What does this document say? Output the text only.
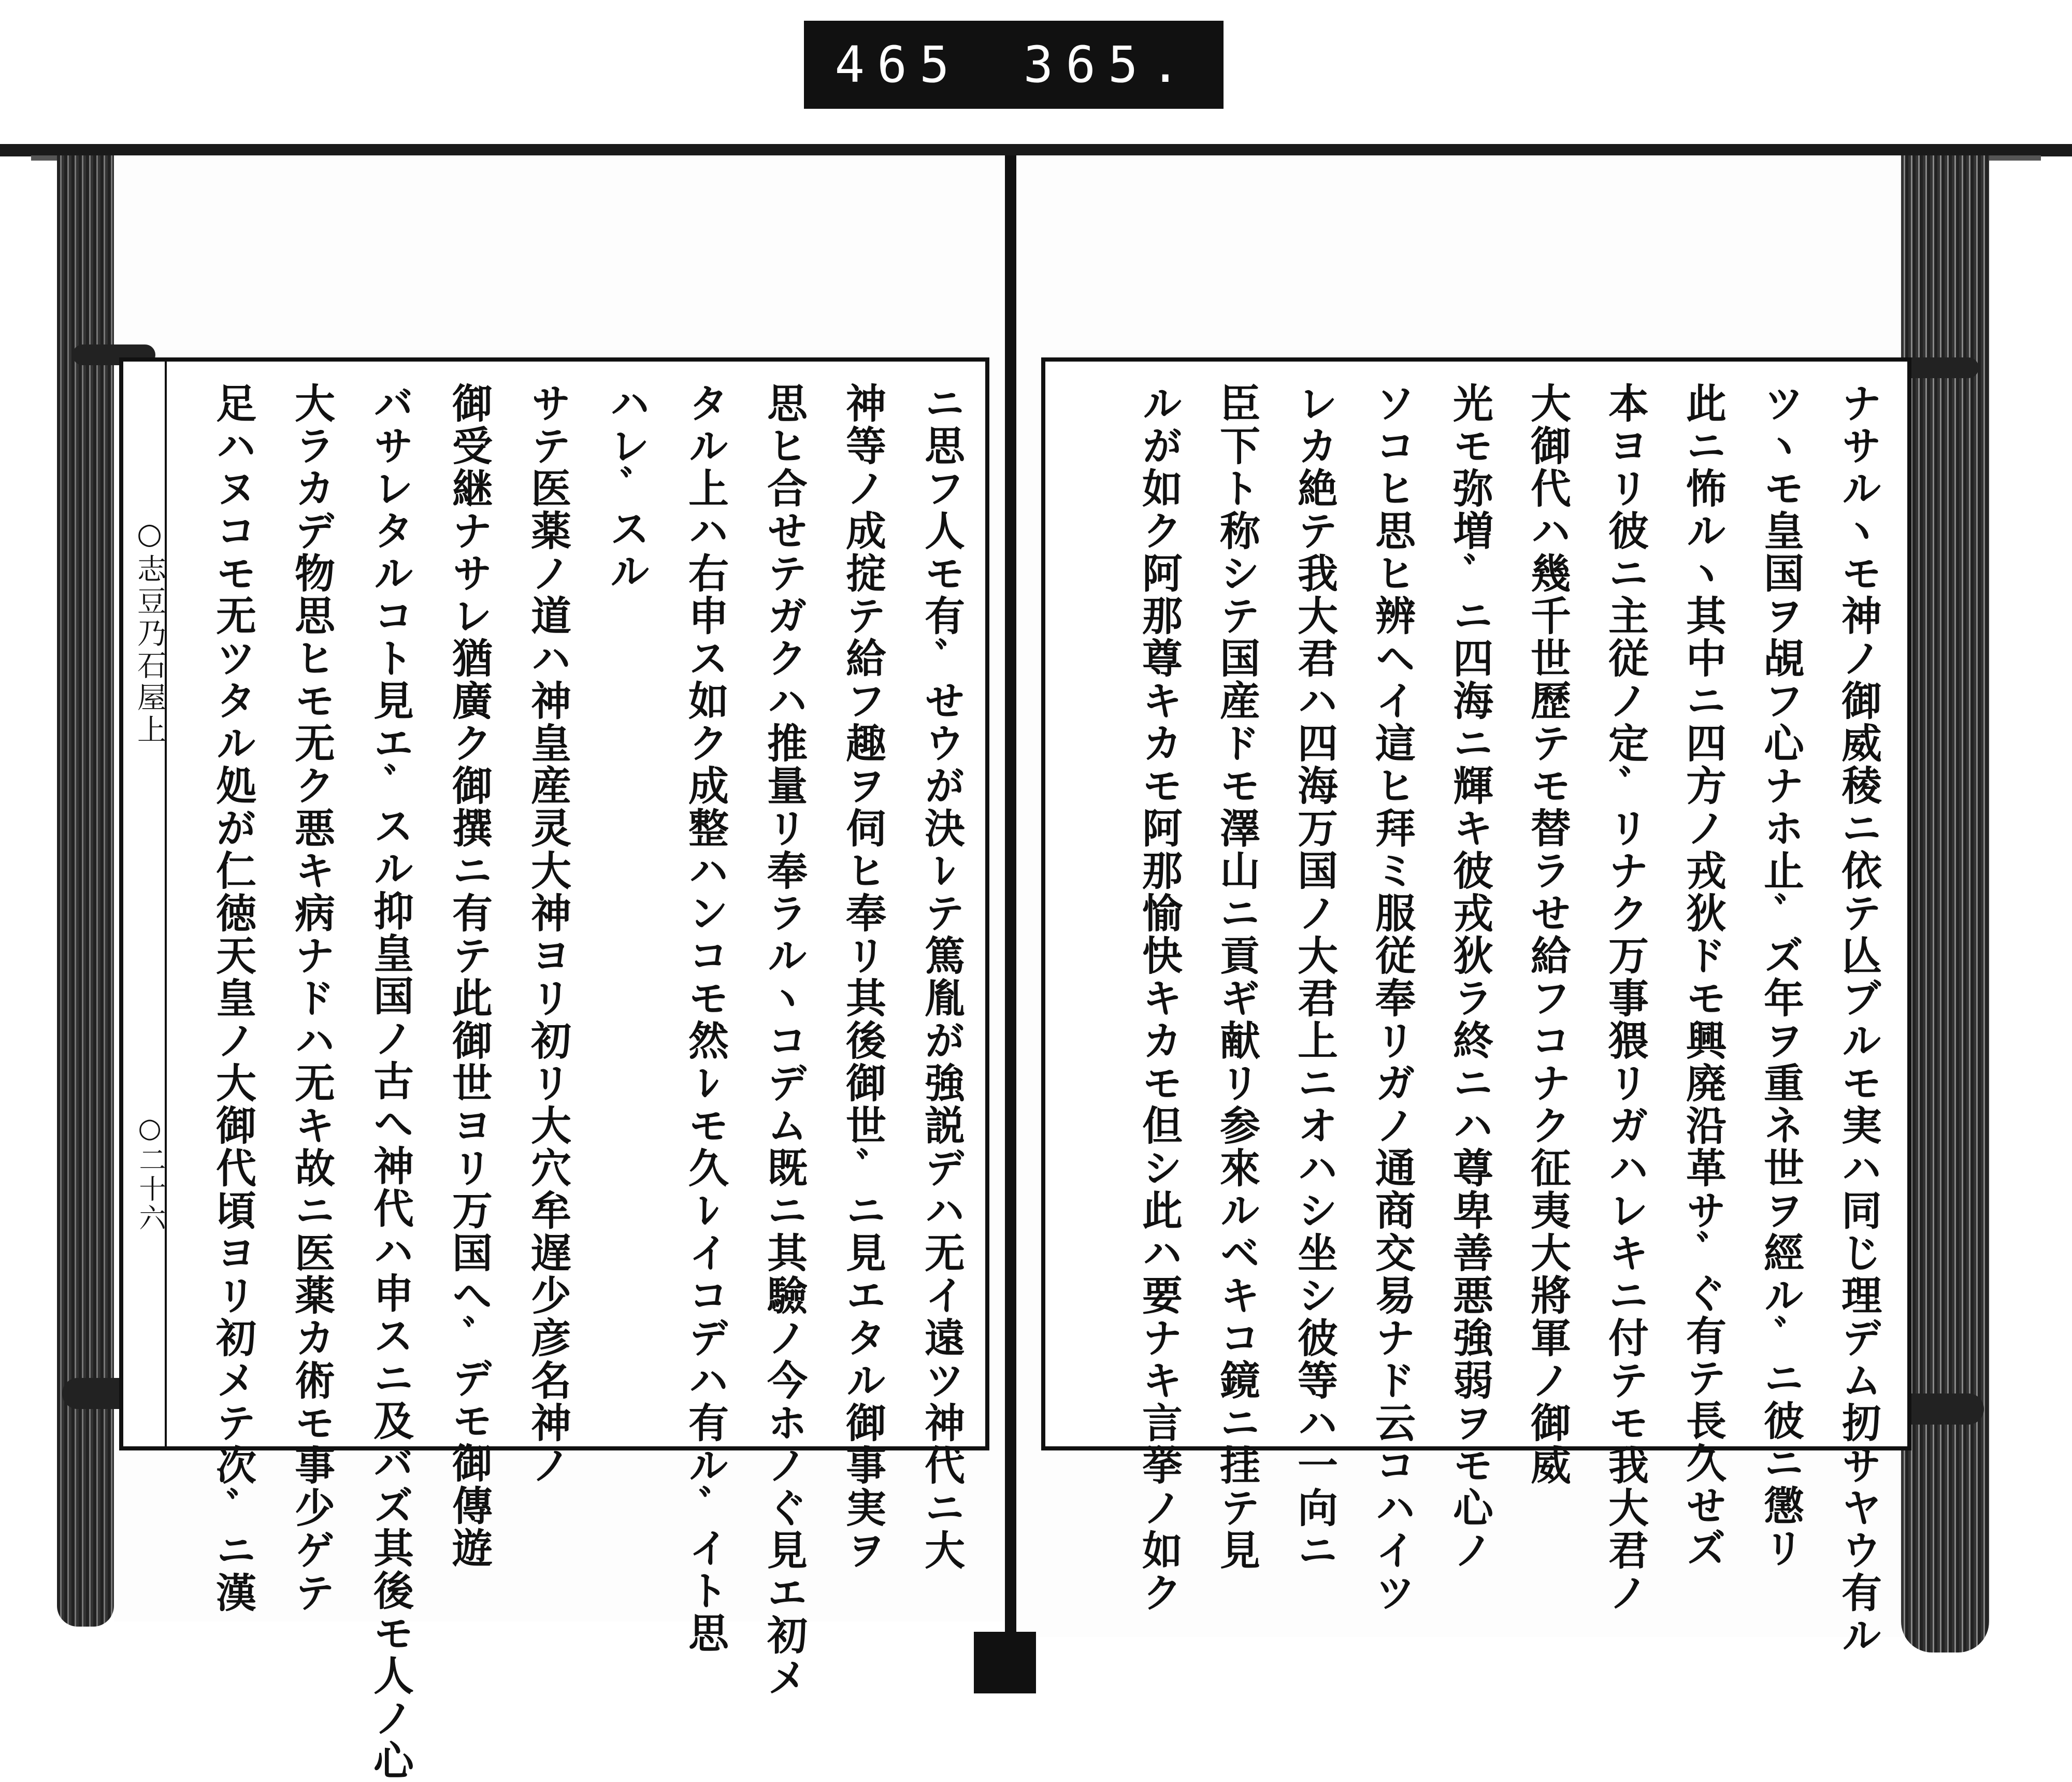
465 365.
○志豆乃石屋上
○二十六	ニ思フ人モ有ﾞせウが決ﾚテ篤胤が強説デハ无イ遠ツ神代ニ大
神等ノ成掟テ給フ趣ヲ伺ヒ奉リ其後御世ﾞニ見エタル御事実ヲ
思ヒ合せテガクハ推量リ奉ラルヽコデム既ニ其驗ノ今ホノぐ見エ初メ
タル上ハ右申ス如ク成整ハンコモ然ﾚモ久ﾚイコデハ有ルﾞイト思
ハレﾞスル
サテ医薬ノ道ハ神皇産灵大神ヨリ初リ大穴牟遅少彦名神ノ
御受継ナサレ猶廣ク御撰ニ有テ此御世ヨリ万国へﾞデモ御傳遊
バサレタルコト見エﾞスル抑皇国ノ古へ神代ハ申スニ及バズ其後モ人ノ心
大ラカデ物思ヒモ无ク悪キ病ナドハ无キ故ニ医薬カ術モ事少ゲテ
足ハヌコモ无ツタル処が仁徳天皇ノ大御代頃ヨリ初メテ次ﾞニ漢	ナサルヽモ神ノ御威稜ニ依テ亾ブルモ実ハ同じ理デム扨サヤウ有ル
ツヽモ皇国ヲ覘フ心ナホ止ﾞズ年ヲ重ネ世ヲ經ルﾞニ彼ニ懲リ
此ニ怖ルヽ其中ニ四方ノ戎狄ドモ興廃沿革サﾞぐ有テ長久せズ
本ヨリ彼ニ主従ノ定ﾞリナク万事猥リガハレキニ付テモ我大君ノ
大御代ハ幾千世歷テモ替ラせ給フコナク征夷大將軍ノ御威
光モ弥増ﾞニ四海ニ輝キ彼戎狄ラ終ニハ尊卑善悪強弱ヲモ心ノ
ソコヒ思ヒ辨ヘイ這ヒ拜ミ服従奉リガノ通商交易ナド云コハイツ
レカ絶テ我大君ハ四海万国ノ大君上ニオハシ坐シ彼等ハ一向ニ
臣下ト称シテ国産ドモ澤山ニ貢ギ献リ参來ルベキコ鏡ニ挂テ見
ルが如ク阿那尊キカモ阿那愉快キカモ但シ此ハ要ナキ言挙ノ如ク
